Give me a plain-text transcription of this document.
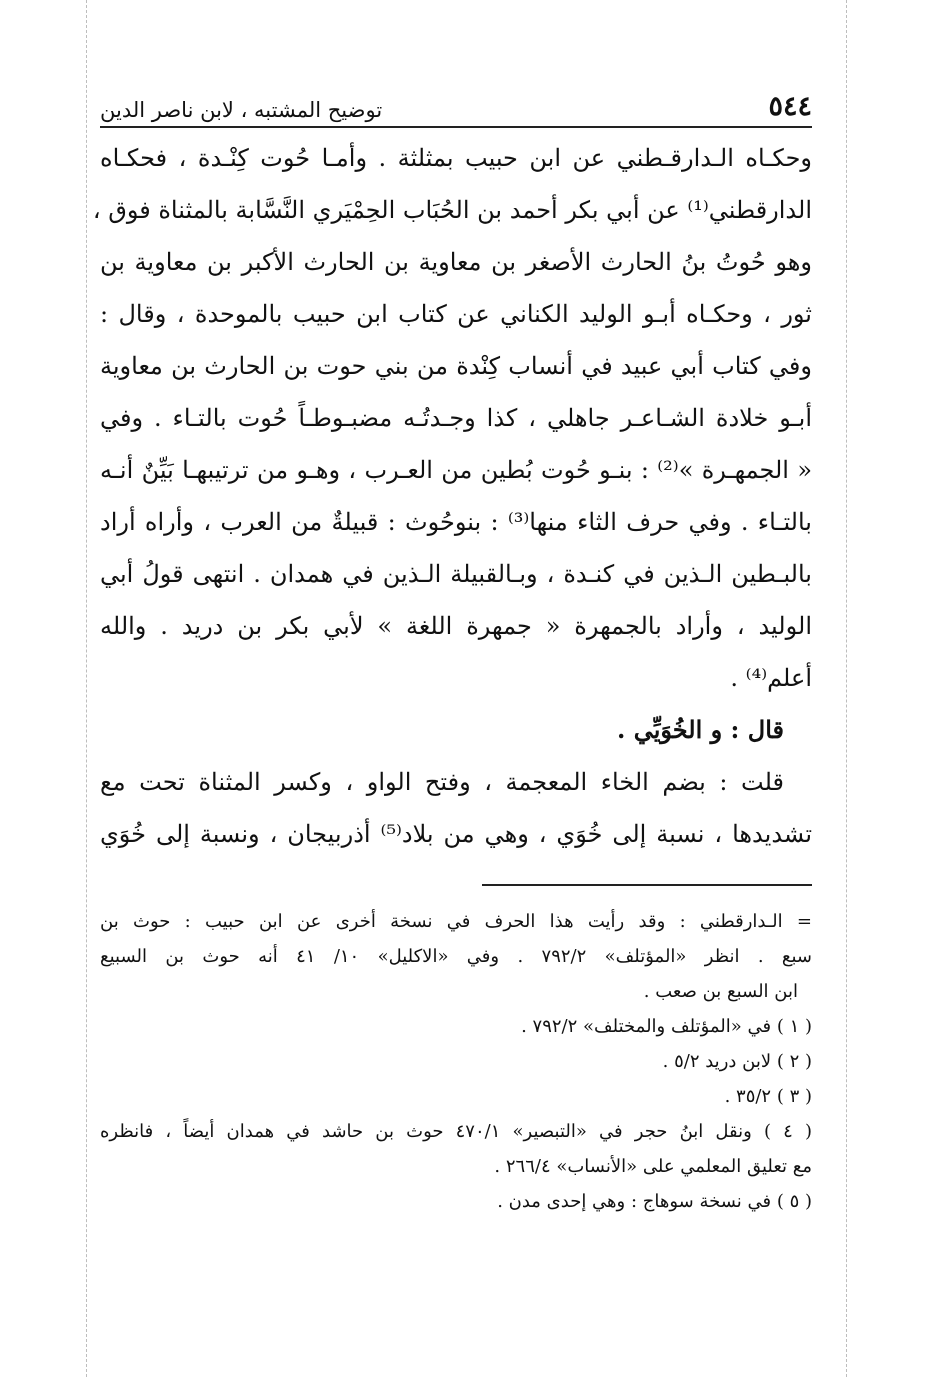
٥٤٤
توضيح المشتبه ، لابن ناصر الدين
وحكـاه الـدارقـطني عن ابن حبيب بمثلثة . وأمـا حُوت كِنْـدة ، فحكـاه
الدارقطني⁽¹⁾ عن أبي بكر أحمد بن الحُبَاب الحِمْيَري النَّسَّابة بالمثناة فوق ،
وهو حُوتُ بنُ الحارث الأصغر بن معاوية بن الحارث الأكبر بن معاوية بن
ثور ، وحكـاه أبـو الوليد الكناني عن كتاب ابن حبيب بالموحدة ، وقال :
وفي كتاب أبي عبيد في أنساب كِنْدة من بني حوت بن الحارث بن معاوية
أبـو خلادة الشـاعـر جاهلي ، كذا وجـدتُـه مضبـوطـاً حُوت بالتـاء . وفي
« الجمهـرة »⁽²⁾ : بنـو حُوت بُطين من العـرب ، وهـو من ترتيبهـا بَيِّنٌ أنـه
بالتـاء . وفي حرف الثاء منها⁽³⁾ : بنوحُوث : قبيلةٌ من العرب ، وأراه أراد
بالبـطين الـذين في كنـدة ، وبـالقبيلة الـذين في همدان . انتهى قولُ أبي
الوليد ، وأراد بالجمهرة « جمهرة اللغة » لأبي بكر بن دريد . والله
أعلم⁽⁴⁾ .
قال : و الخُوَيِّي .
قلت : بضم الخاء المعجمة ، وفتح الواو ، وكسر المثناة تحت مع
تشديدها ، نسبة إلى خُوَي ، وهي من بلاد⁽⁵⁾ أذربيجان ، ونسبة إلى خُوَي
= الـدارقطني : وقد رأيت هذا الحرف في نسخة أخرى عن ابن حبيب : حوث بن
سبع . انظر «المؤتلف» ٧٩٢/٢ . وفي «الاكليل» ١٠/ ٤١ أنه حوث بن السبيع
ابن السبع بن صعب .
( ١ ) في «المؤتلف والمختلف» ٧٩٢/٢ .
( ٢ ) لابن دريد ٥/٢ .
( ٣ ) ٣٥/٢ .
( ٤ ) ونقل ابنُ حجر في «التبصير» ٤٧٠/١ حوث بن حاشد في همدان أيضاً ، فانظره
مع تعليق المعلمي على «الأنساب» ٢٦٦/٤ .
( ٥ ) في نسخة سوهاج : وهي إحدى مدن .
